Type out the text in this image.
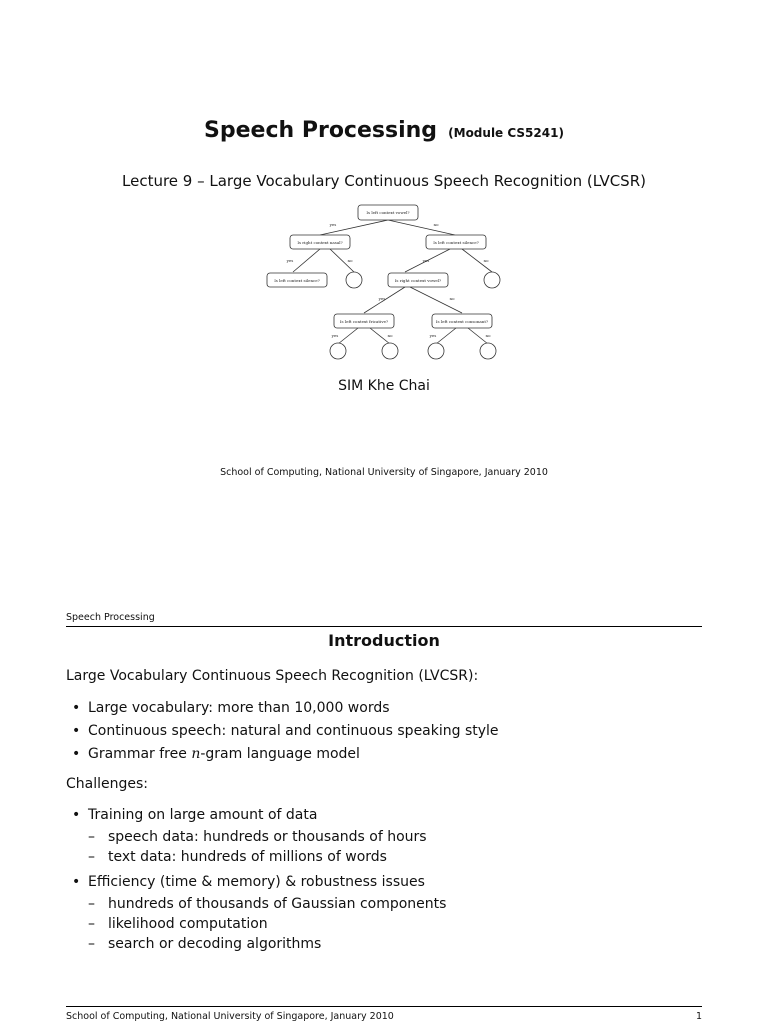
Speech Processing (Module CS5241)
Lecture 9 – Large Vocabulary Continuous Speech Recognition (LVCSR)
Is left context vowel?
Is right context nasal?	Is left context silence?
Is left context silence?	Is right context vowel?
Is left context fricative?	Is left context consonant?
yes	no
yes	no	yes	no
yes	no
yes	no	yes	no
SIM Khe Chai
School of Computing, National University of Singapore, January 2010
Speech Processing
Introduction
Large Vocabulary Continuous Speech Recognition (LVCSR):
• Large vocabulary: more than 10,000 words
• Continuous speech: natural and continuous speaking style
• Grammar free n-gram language model
Challenges:
• Training on large amount of data
– speech data: hundreds or thousands of hours
– text data: hundreds of millions of words
• Efficiency (time & memory) & robustness issues
– hundreds of thousands of Gaussian components
– likelihood computation
– search or decoding algorithms
School of Computing, National University of Singapore, January 2010	1
